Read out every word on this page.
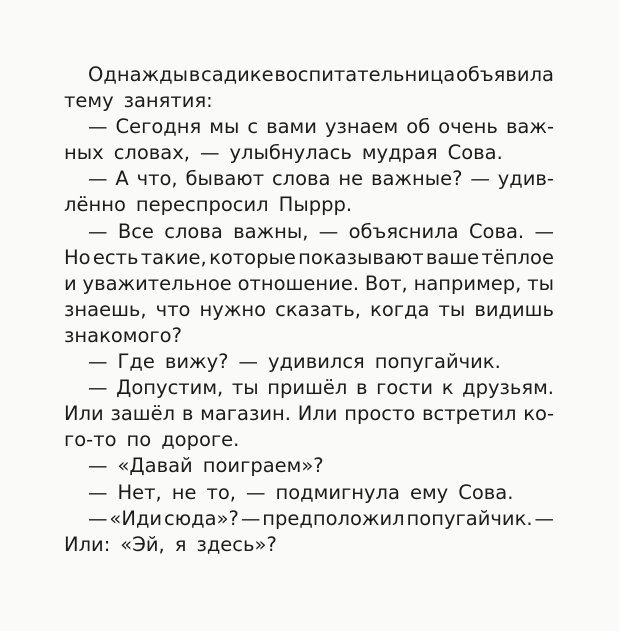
Однажды в садике воспитательница объявила
тему занятия:
— Сегодня мы с вами узнаем об очень важ-
ных словах, — улыбнулась мудрая Сова.
— А что, бывают слова не важные? — удив-
лённо переспросил Пыррр.
— Все слова важны, — объяснила Сова. —
Но есть такие, которые показывают ваше тёплое
и уважительное отношение. Вот, например, ты
знаешь, что нужно сказать, когда ты видишь
знакомого?
— Где вижу? — удивился попугайчик.
— Допустим, ты пришёл в гости к друзьям.
Или зашёл в магазин. Или просто встретил ко-
го-то по дороге.
— «Давай поиграем»?
— Нет, не то, — подмигнула ему Сова.
— «Иди сюда»? — предположил попугайчик. —
Или: «Эй, я здесь»?
